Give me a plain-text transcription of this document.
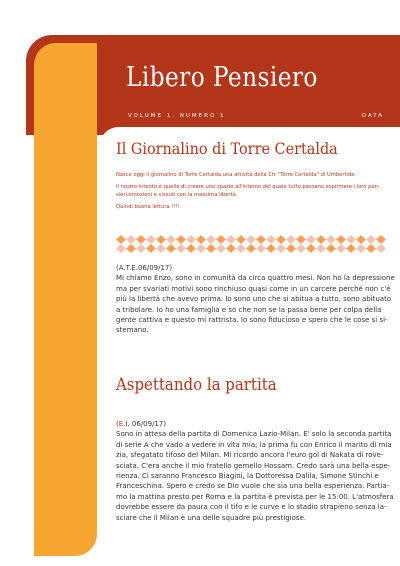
Libero Pensiero
VOLUME 1, NUMERO 1	DATA
Il Giornalino di Torre Certalda
Nasce oggi il giornalino di Torre Certalda,una attività della Ctr "Torre Certalda" di Umbertide.
Il nostro intento è quello di creare uno spazio all'interno del quale tutto possano esprimere i loro pen-
sieri,emozioni e vissuti con la massima libertà.
Quindi buona lettura !!!!
(A.T.E.06/09/17)
Mi chiamo Enzo, sono in comunità da circa quattro mesi. Non ho la depressione
ma per svariati motivi sono rinchiuso quasi come in un carcere perché non c'è
più la libertà che avevo prima. Io sono uno che si abitua a tutto, sono abituato
a tribolare. Io ho una famiglia e so che non se la passa bene per colpa della
gente cattiva e questo mi rattrista. Io sono fiducioso e spero che le cose si si-
stemano.
Aspettando la partita
(E.I. 06/09/17)
Sono in attesa della partita di Domenica Lazio-Milan. E' solo la seconda partita
di serie A che vado a vedere in vita mia; la prima fu con Enrico il marito di mia
zia, sfegatato tifoso del Milan. Mi ricordo ancora l'euro gol di Nakata di rove-
sciata. C'era anche il mio fratello gemello Hossam. Credo sarà una bella espe-
rienza. Ci saranno Francesco Biagini, la Dottoressa Dalila, Simone Stinchi e
Franceschina. Spero e credo se Dio vuole che sia una bella esperienza. Partia-
mo la mattina presto per Roma e la partita è prevista per le 15:00. L'atmosfera
dovrebbe essere da paura con il tifo e le curve e lo stadio strapieno senza la-
sciare che il Milan è una delle squadre più prestigiose.
